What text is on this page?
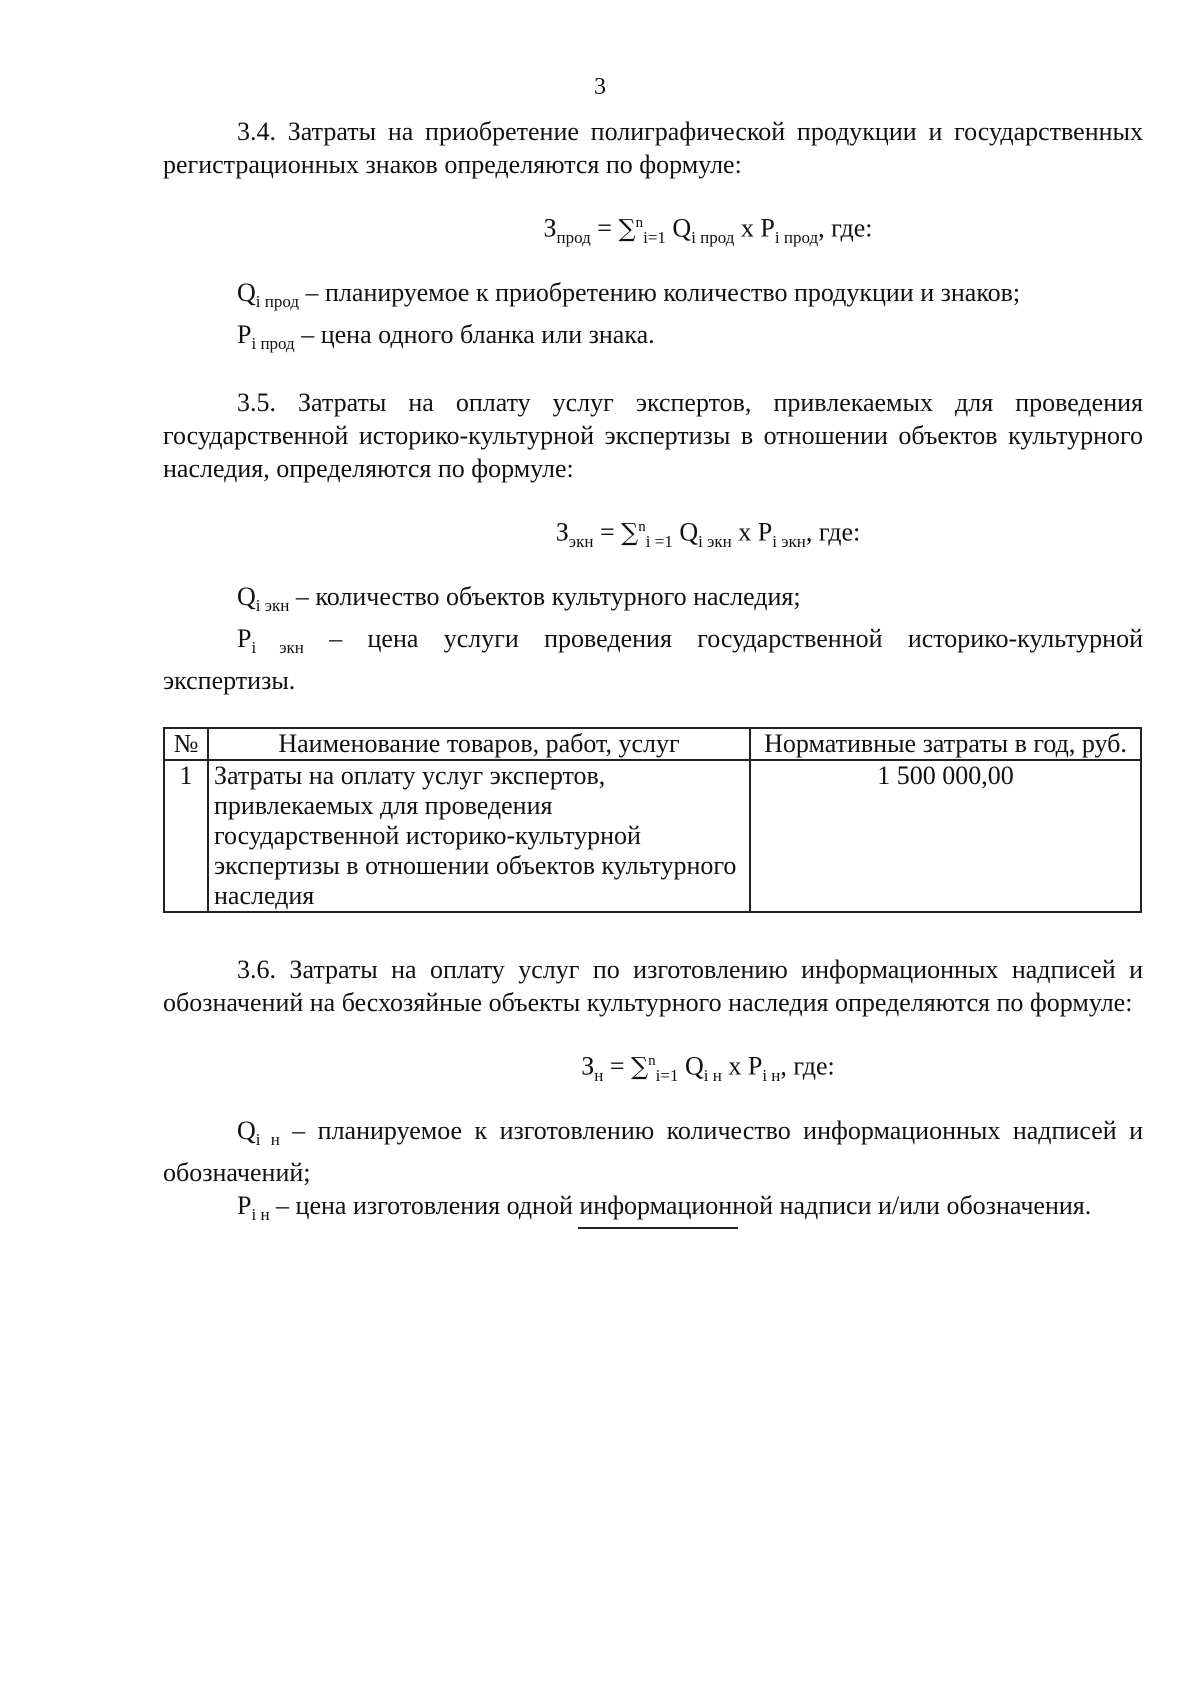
3

3.4. Затраты на приобретение полиграфической продукции и государственных регистрационных знаков определяются по формуле:

$З_{прод} = \sum^n_{i=1}$ $Q_{i прод}$ x $P_{i прод}$, где:

$Q_{i прод}$ – планируемое к приобретению количество продукции и знаков;

$P_{i прод}$ – цена одного бланка или знака.

3.5. Затраты на оплату услуг экспертов, привлекаемых для проведения государственной историко-культурной экспертизы в отношении объектов культурного наследия, определяются по формуле:

$З_{экн} = \sum^n_{i =1}$ $Q_{i экн}$ x $P_{i экн}$, где:

$Q_{i экн}$ – количество объектов культурного наследия;

$P_{i экн}$ – цена услуги проведения государственной историко-культурной экспертизы.

№	Наименование товаров, работ, услуг	Нормативные затраты в год, руб.
1	Затраты на оплату услуг экспертов, привлекаемых для проведения государственной историко-культурной экспертизы в отношении объектов культурного наследия	1 500 000,00

3.6. Затраты на оплату услуг по изготовлению информационных надписей и обозначений на бесхозяйные объекты культурного наследия определяются по формуле:

$З_н = \sum^n_{i=1}$ $Q_{i н}$ x $P_{i н}$, где:

$Q_{i н}$ – планируемое к изготовлению количество информационных надписей и обозначений;

$P_{i н}$ – цена изготовления одной информационной надписи и/или обозначения.
